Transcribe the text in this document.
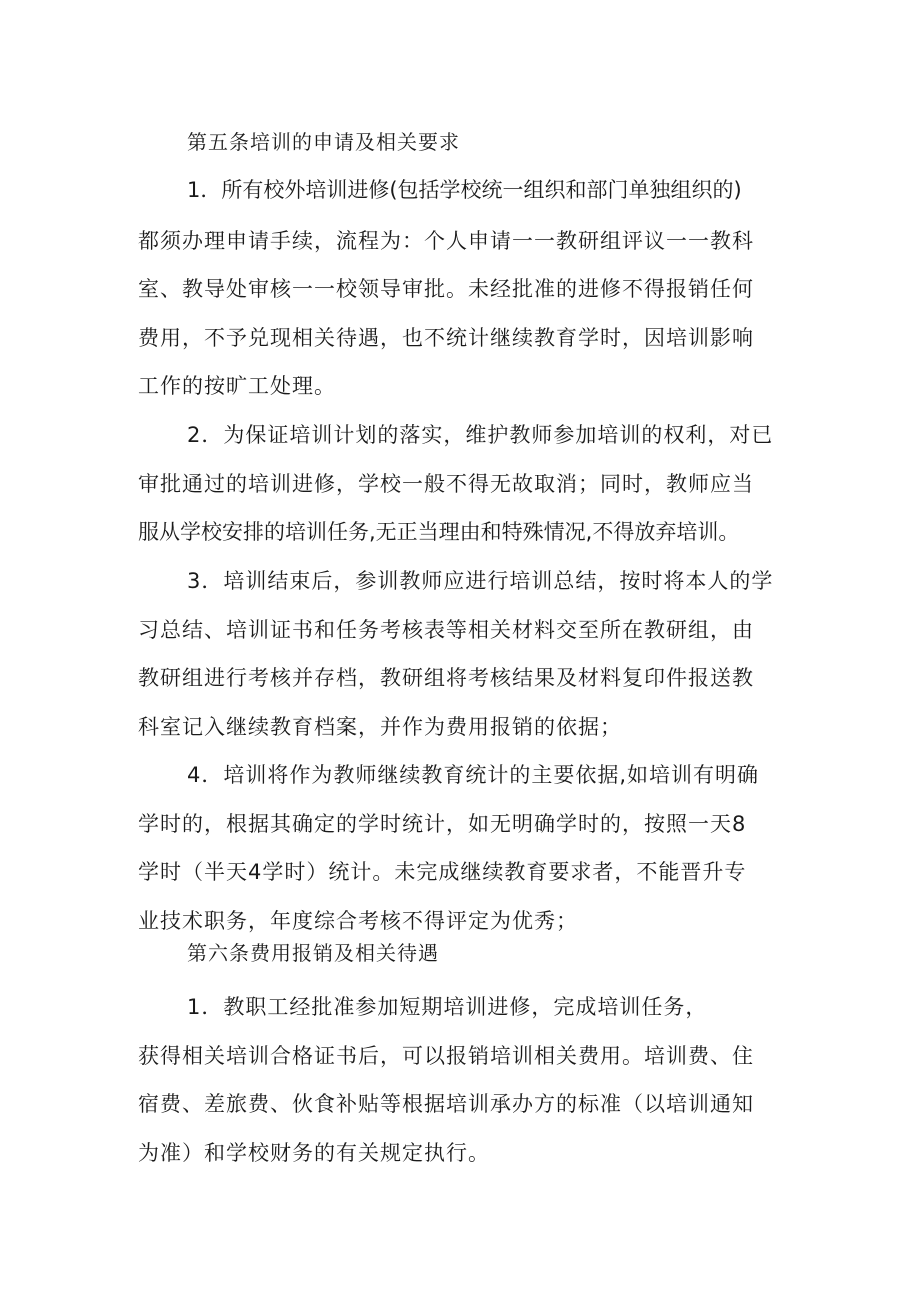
第五条培训的申请及相关要求
1．所有校外培训进修(包括学校统一组织和部门单独组织的)
都须办理申请手续，流程为：个人申请一一教研组评议一一教科
室、教导处审核一一校领导审批。未经批准的进修不得报销任何
费用，不予兑现相关待遇，也不统计继续教育学时，因培训影响
工作的按旷工处理。
2．为保证培训计划的落实，维护教师参加培训的权利，对已
审批通过的培训进修，学校一般不得无故取消；同时，教师应当
服从学校安排的培训任务,无正当理由和特殊情况,不得放弃培训。
3．培训结束后，参训教师应进行培训总结，按时将本人的学
习总结、培训证书和任务考核表等相关材料交至所在教研组，由
教研组进行考核并存档，教研组将考核结果及材料复印件报送教
科室记入继续教育档案，并作为费用报销的依据；
4．培训将作为教师继续教育统计的主要依据,如培训有明确
学时的，根据其确定的学时统计，如无明确学时的，按照一天8
学时（半天4学时）统计。未完成继续教育要求者，不能晋升专
业技术职务，年度综合考核不得评定为优秀；
第六条费用报销及相关待遇
1．教职工经批准参加短期培训进修，完成培训任务，
获得相关培训合格证书后，可以报销培训相关费用。培训费、住
宿费、差旅费、伙食补贴等根据培训承办方的标准（以培训通知
为准）和学校财务的有关规定执行。
